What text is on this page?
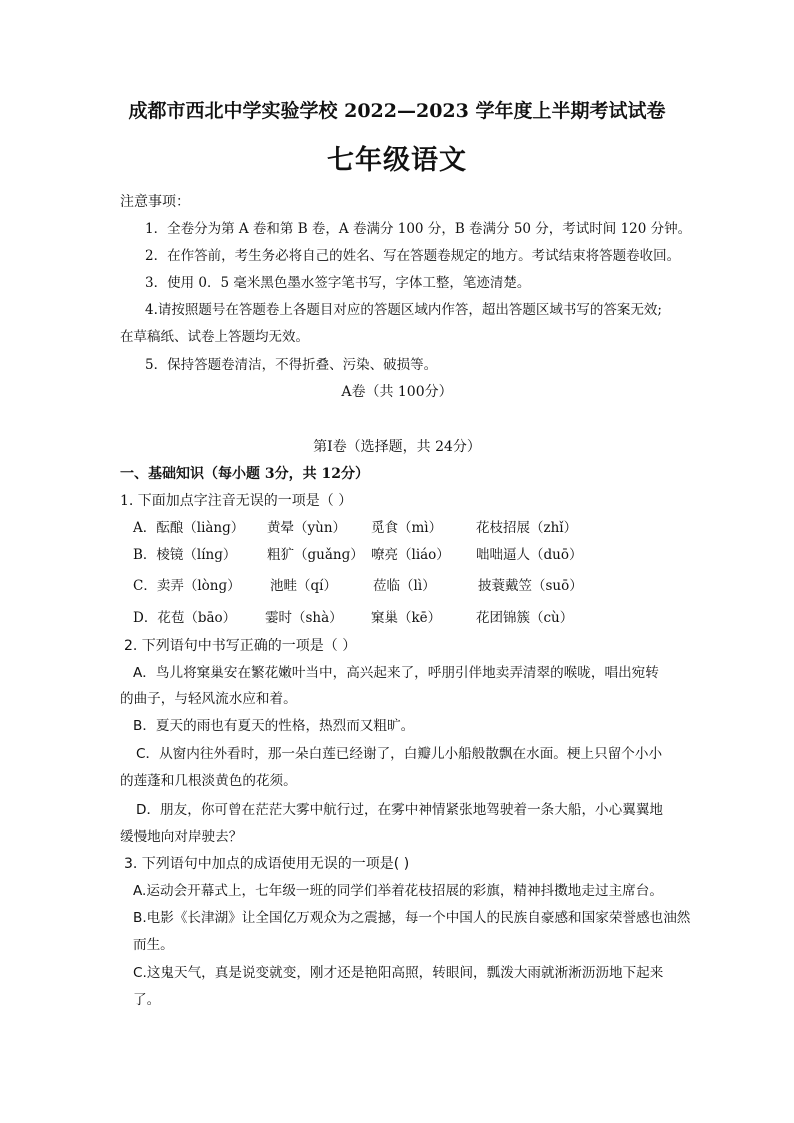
成都市西北中学实验学校 2022—2023 学年度上半期考试试卷
七年级语文
注意事项：
1．全卷分为第 A 卷和第 B 卷，A 卷满分 100 分，B 卷满分 50 分，考试时间 120 分钟。
2．在作答前，考生务必将自己的姓名、写在答题卷规定的地方。考试结束将答题卷收回。
3．使用 0．5 毫米黑色墨水签字笔书写，字体工整，笔迹清楚。
4.请按照题号在答题卷上各题目对应的答题区域内作答，超出答题区域书写的答案无效;
在草稿纸、试卷上答题均无效。
5．保持答题卷清洁，不得折叠、污染、破损等。
A卷（共 100分）
第Ⅰ卷（选择题，共 24分）
一、基础知识（每小题 3分，共 12分）
1. 下面加点字注音无误的一项是（ ）
A．酝酿（liànɡ） 黄晕（yùn） 觅食（mì）	花枝招展（zhǐ）
B．棱镜（línɡ） 粗犷（guǎnɡ） 嘹亮（liáo） 咄咄逼人（duō）
C．卖弄（lònɡ） 池畦（qí）	莅临（lì）	披蓑戴笠（suō）
D．花苞（bāo） 霎时（shà） 窠巢（kē）	花团锦簇（cù）
2. 下列语句中书写正确的一项是（ ）
A．鸟儿将窠巢安在繁花嫩叶当中，高兴起来了，呼朋引伴地卖弄清翠的喉咙，唱出宛转
的曲子，与轻风流水应和着。
B．夏天的雨也有夏天的性格，热烈而又粗旷。
C．从窗内往外看时，那一朵白莲已经谢了，白瓣儿小船般散飘在水面。梗上只留个小小
的莲蓬和几根淡黄色的花须。
D．朋友，你可曾在茫茫大雾中航行过，在雾中神情紧张地驾驶着一条大船，小心翼翼地
缓慢地向对岸驶去？
3. 下列语句中加点的成语使用无误的一项是( )
A.运动会开幕式上，七年级一班的同学们举着花枝招展的彩旗，精神抖擞地走过主席台。
B.电影《长津湖》让全国亿万观众为之震撼，每一个中国人的民族自豪感和国家荣誉感也油然
而生。
C.这鬼天气，真是说变就变，刚才还是艳阳高照，转眼间，瓢泼大雨就淅淅沥沥地下起来
了。
